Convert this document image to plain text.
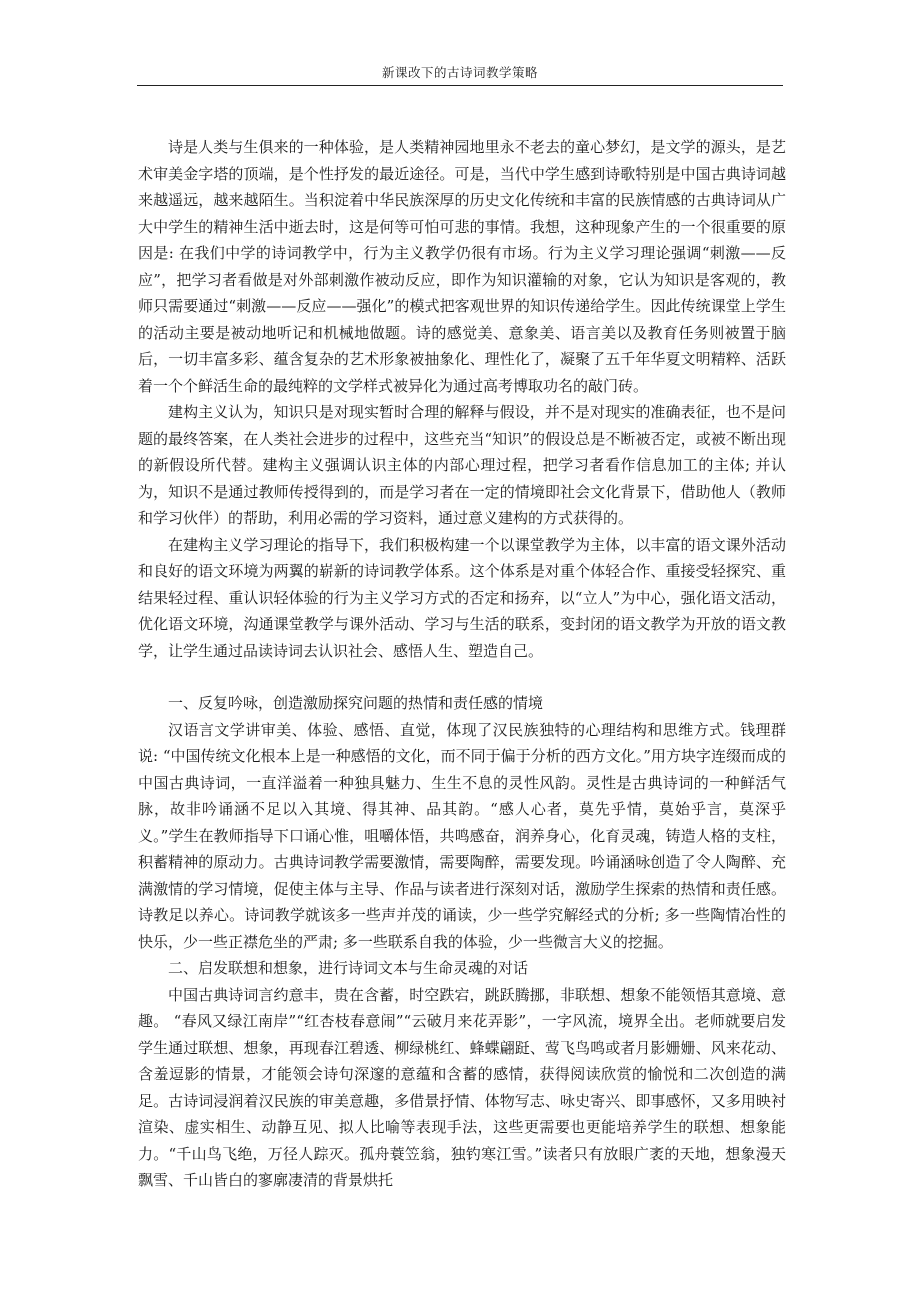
新课改下的古诗词教学策略

诗是人类与生俱来的一种体验，是人类精神园地里永不老去的童心梦幻，是文学的源头，是艺术审美金字塔的顶端，是个性抒发的最近途径。可是，当代中学生感到诗歌特别是中国古典诗词越来越遥远，越来越陌生。当积淀着中华民族深厚的历史文化传统和丰富的民族情感的古典诗词从广大中学生的精神生活中逝去时，这是何等可怕可悲的事情。我想，这种现象产生的一个很重要的原因是: 在我们中学的诗词教学中，行为主义教学仍很有市场。行为主义学习理论强调“刺激——反应”，把学习者看做是对外部刺激作被动反应，即作为知识灌输的对象，它认为知识是客观的，教师只需要通过“刺激——反应——强化”的模式把客观世界的知识传递给学生。因此传统课堂上学生的活动主要是被动地听记和机械地做题。诗的感觉美、意象美、语言美以及教育任务则被置于脑后，一切丰富多彩、蕴含复杂的艺术形象被抽象化、理性化了，凝聚了五千年华夏文明精粹、活跃着一个个鲜活生命的最纯粹的文学样式被异化为通过高考博取功名的敲门砖。

建构主义认为，知识只是对现实暂时合理的解释与假设，并不是对现实的准确表征，也不是问题的最终答案，在人类社会进步的过程中，这些充当“知识”的假设总是不断被否定，或被不断出现的新假设所代替。建构主义强调认识主体的内部心理过程，把学习者看作信息加工的主体; 并认为，知识不是通过教师传授得到的，而是学习者在一定的情境即社会文化背景下，借助他人（教师和学习伙伴）的帮助，利用必需的学习资料，通过意义建构的方式获得的。

在建构主义学习理论的指导下，我们积极构建一个以课堂教学为主体，以丰富的语文课外活动和良好的语文环境为两翼的崭新的诗词教学体系。这个体系是对重个体轻合作、重接受轻探究、重结果轻过程、重认识轻体验的行为主义学习方式的否定和扬弃，以“立人”为中心，强化语文活动，优化语文环境，沟通课堂教学与课外活动、学习与生活的联系，变封闭的语文教学为开放的语文教学，让学生通过品读诗词去认识社会、感悟人生、塑造自己。

一、反复吟咏，创造激励探究问题的热情和责任感的情境

汉语言文学讲审美、体验、感悟、直觉，体现了汉民族独特的心理结构和思维方式。钱理群说: “中国传统文化根本上是一种感悟的文化，而不同于偏于分析的西方文化。”用方块字连缀而成的中国古典诗词，一直洋溢着一种独具魅力、生生不息的灵性风韵。灵性是古典诗词的一种鲜活气脉，故非吟诵涵不足以入其境、得其神、品其韵。“感人心者，莫先乎情，莫始乎言，莫深乎义。”学生在教师指导下口诵心惟，咀嚼体悟，共鸣感奋，润养身心，化育灵魂，铸造人格的支柱，积蓄精神的原动力。古典诗词教学需要激情，需要陶醉，需要发现。吟诵涵咏创造了令人陶醉、充满激情的学习情境，促使主体与主导、作品与读者进行深刻对话，激励学生探索的热情和责任感。诗教足以养心。诗词教学就该多一些声并茂的诵读，少一些学究解经式的分析; 多一些陶情冶性的快乐，少一些正襟危坐的严肃; 多一些联系自我的体验，少一些微言大义的挖掘。

二、启发联想和想象，进行诗词文本与生命灵魂的对话

中国古典诗词言约意丰，贵在含蓄，时空跌宕，跳跃腾挪，非联想、想象不能领悟其意境、意趣。 “春风又绿江南岸”“红杏枝春意闹”“云破月来花弄影”，一字风流，境界全出。老师就要启发学生通过联想、想象，再现春江碧透、柳绿桃红、蜂蝶翩跹、莺飞鸟鸣或者月影姗姗、风来花动、含羞逗影的情景，才能领会诗句深邃的意蕴和含蓄的感情，获得阅读欣赏的愉悦和二次创造的满足。古诗词浸润着汉民族的审美意趣，多借景抒情、体物写志、咏史寄兴、即事感怀，又多用映衬渲染、虚实相生、动静互见、拟人比喻等表现手法，这些更需要也更能培养学生的联想、想象能力。“千山鸟飞绝，万径人踪灭。孤舟蓑笠翁，独钓寒江雪。”读者只有放眼广袤的天地，想象漫天飘雪、千山皆白的寥廓凄清的背景烘托
